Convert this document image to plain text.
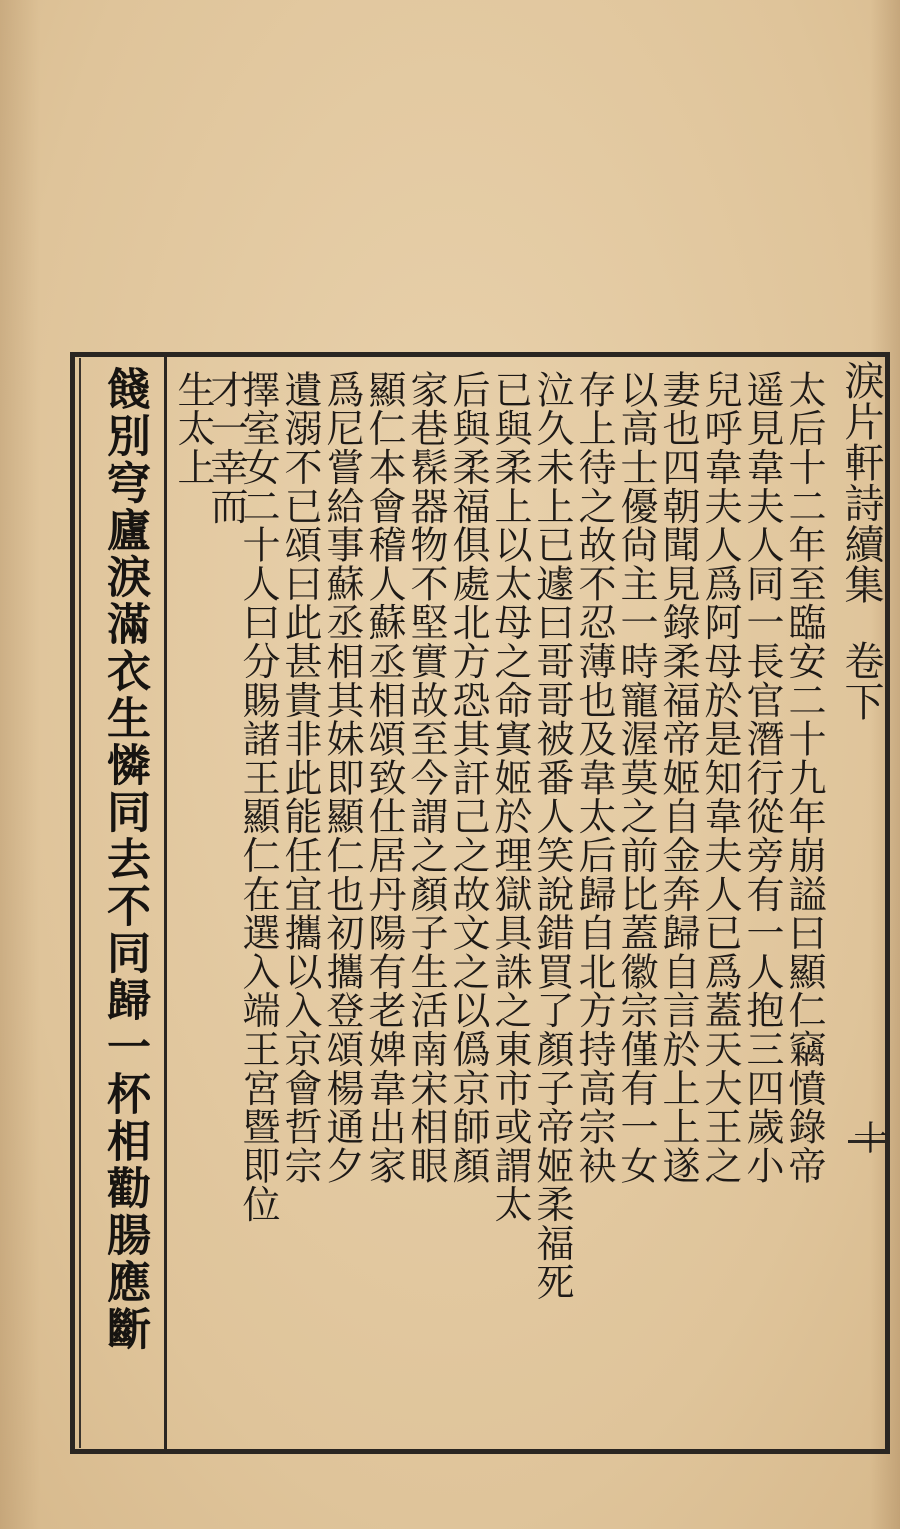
淚片軒詩續集
卷下
十
太后十二年至臨安二十九年崩謚曰顯仁竊憤錄帝
遥見韋夫人同一長官潛行從旁有一人抱三四歲小
兒呼韋夫人爲阿母於是知韋夫人已爲蓋天大王之
妻也四朝聞見錄柔福帝姬自金奔歸自言於上上遂
以高士優尙主一時寵渥莫之前比蓋徽宗僅有一女
存上待之故不忍薄也及韋太后歸自北方持高宗袂
泣久未上已遽曰哥哥被番人笑說錯買了顏子帝姬柔福死
已與柔上以太母之命寘姬於理獄具誅之東市或謂太
后與柔福俱處北方恐其訐己之故文之以僞京師顏
家巷髹器物不堅實故至今謂之顏子生活南宋相眼
顯仁本會稽人蘇丞相頌致仕居丹陽有老婢韋出家
爲尼嘗給事蘇丞相其妹即顯仁也初攜登頌楊通夕
遺溺不已頌曰此甚貴非此能任宜攜以入京會哲宗
擇室女二十人曰分賜諸王顯仁在選入端王宮暨即位
才一幸而
生太上
餞別穹廬淚滿衣生憐同去不同歸一杯相勸腸應斷
